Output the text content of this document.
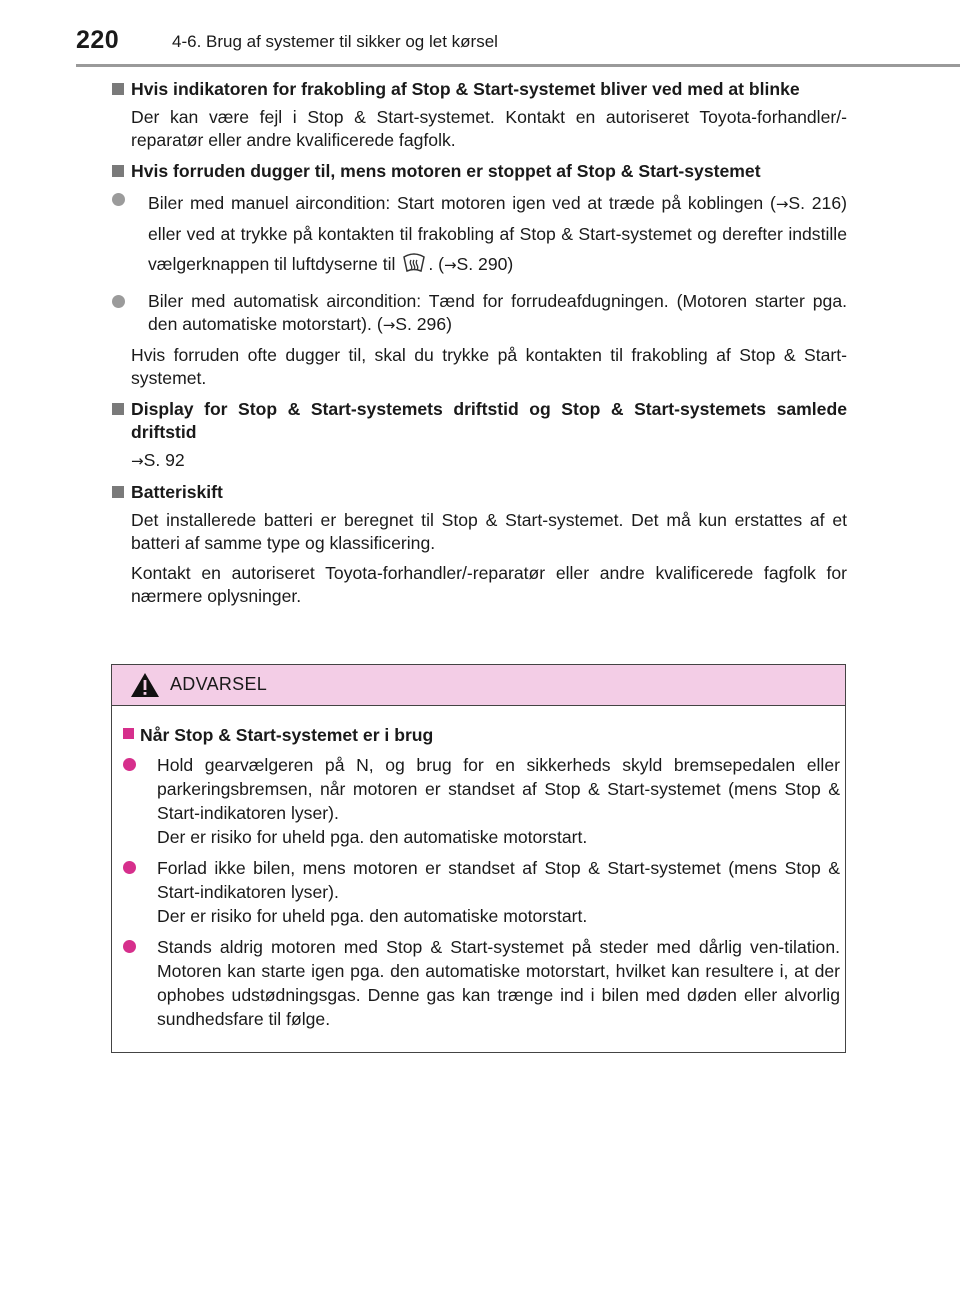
220	4-6. Brug af systemer til sikker og let kørsel
Hvis indikatoren for frakobling af Stop & Start-systemet bliver ved med at blinke
Der kan være fejl i Stop & Start-systemet. Kontakt en autoriseret Toyota-forhandler/-reparatør eller andre kvalificerede fagfolk.
Hvis forruden dugger til, mens motoren er stoppet af Stop & Start-systemet
Biler med manuel aircondition: Start motoren igen ved at træde på koblingen (→S. 216) eller ved at trykke på kontakten til frakobling af Stop & Start-systemet og derefter indstille vælgerknappen til luftdyserne til . (→S. 290)
Biler med automatisk aircondition: Tænd for forrudeafdugningen. (Motoren starter pga. den automatiske motorstart). (→S. 296)
Hvis forruden ofte dugger til, skal du trykke på kontakten til frakobling af Stop & Start-systemet.
Display for Stop & Start-systemets driftstid og Stop & Start-systemets samlede driftstid
→S. 92
Batteriskift
Det installerede batteri er beregnet til Stop & Start-systemet. Det må kun erstattes af et batteri af samme type og klassificering.
Kontakt en autoriseret Toyota-forhandler/-reparatør eller andre kvalificerede fagfolk for nærmere oplysninger.
ADVARSEL
Når Stop & Start-systemet er i brug
Hold gearvælgeren på N, og brug for en sikkerheds skyld bremsepedalen eller parkeringsbremsen, når motoren er standset af Stop & Start-systemet (mens Stop & Start-indikatoren lyser).
Der er risiko for uheld pga. den automatiske motorstart.
Forlad ikke bilen, mens motoren er standset af Stop & Start-systemet (mens Stop & Start-indikatoren lyser).
Der er risiko for uheld pga. den automatiske motorstart.
Stands aldrig motoren med Stop & Start-systemet på steder med dårlig ven-tilation. Motoren kan starte igen pga. den automatiske motorstart, hvilket kan resultere i, at der ophobes udstødningsgas. Denne gas kan trænge ind i bilen med døden eller alvorlig sundhedsfare til følge.
